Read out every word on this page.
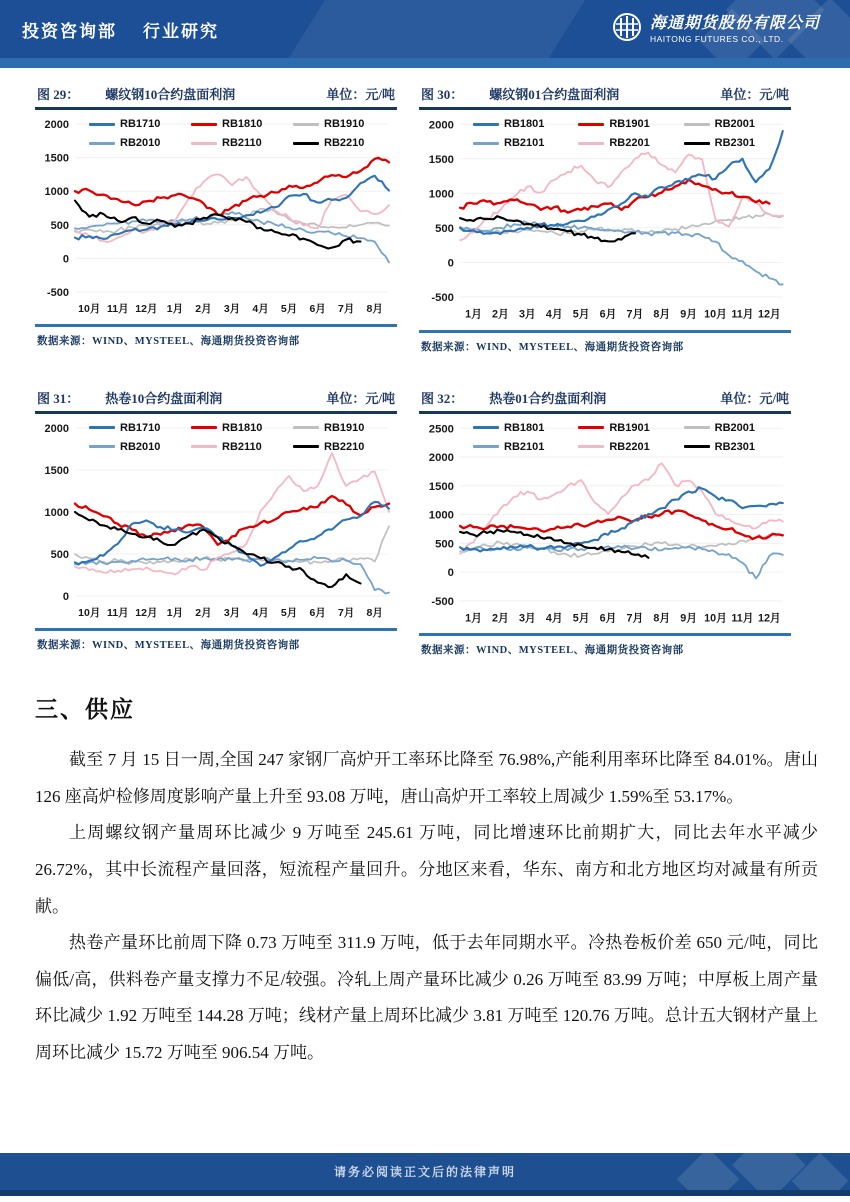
投资咨询部 行业研究	海通期货股份有限公司
HAITONG FUTURES CO., LTD.
图 29： 螺纹钢10合约盘面利润	单位：元/吨
RB1710	RB1810	RB1910
RB2010	RB2110	RB2210
2000
1500
1000
500
0
-500
10月 11月 12月 1月 2月 3月 4月 5月 6月 7月 8月
数据来源：WIND、MYSTEEL、海通期货投资咨询部
图 30： 螺纹钢01合约盘面利润	单位：元/吨
RB1801	RB1901	RB2001
RB2101	RB2201	RB2301
2000
1500
1000
500
0
-500
1月 2月 3月 4月 5月 6月 7月 8月 9月 10月 11月 12月
数据来源：WIND、MYSTEEL、海通期货投资咨询部
图 31： 热卷10合约盘面利润	单位：元/吨
RB1710	RB1810	RB1910
RB2010	RB2110	RB2210
2000
1500
1000
500
0
10月 11月 12月 1月 2月 3月 4月 5月 6月 7月 8月
数据来源：WIND、MYSTEEL、海通期货投资咨询部
图 32： 热卷01合约盘面利润	单位：元/吨
RB1801	RB1901	RB2001
RB2101	RB2201	RB2301
2500
2000
1500
1000
500
0
-500
1月 2月 3月 4月 5月 6月 7月 8月 9月 10月 11月 12月
数据来源：WIND、MYSTEEL、海通期货投资咨询部
三、供应

截至 7 月 15 日一周,全国 247 家钢厂高炉开工率环比降至 76.98%,产能利用率环比降至 84.01%。唐山 126 座高炉检修周度影响产量上升至 93.08 万吨，唐山高炉开工率较上周减少 1.59%至 53.17%。

上周螺纹钢产量周环比减少 9 万吨至 245.61 万吨，同比增速环比前期扩大，同比去年水平减少 26.72%，其中长流程产量回落，短流程产量回升。分地区来看，华东、南方和北方地区均对减量有所贡献。

热卷产量环比前周下降 0.73 万吨至 311.9 万吨，低于去年同期水平。冷热卷板价差 650 元/吨，同比偏低/高，供料卷产量支撑力不足/较强。冷轧上周产量环比减少 0.26 万吨至 83.99 万吨；中厚板上周产量环比减少 1.92 万吨至 144.28 万吨；线材产量上周环比减少 3.81 万吨至 120.76 万吨。总计五大钢材产量上周环比减少 15.72 万吨至 906.54 万吨。

请务必阅读正文后的法律声明
